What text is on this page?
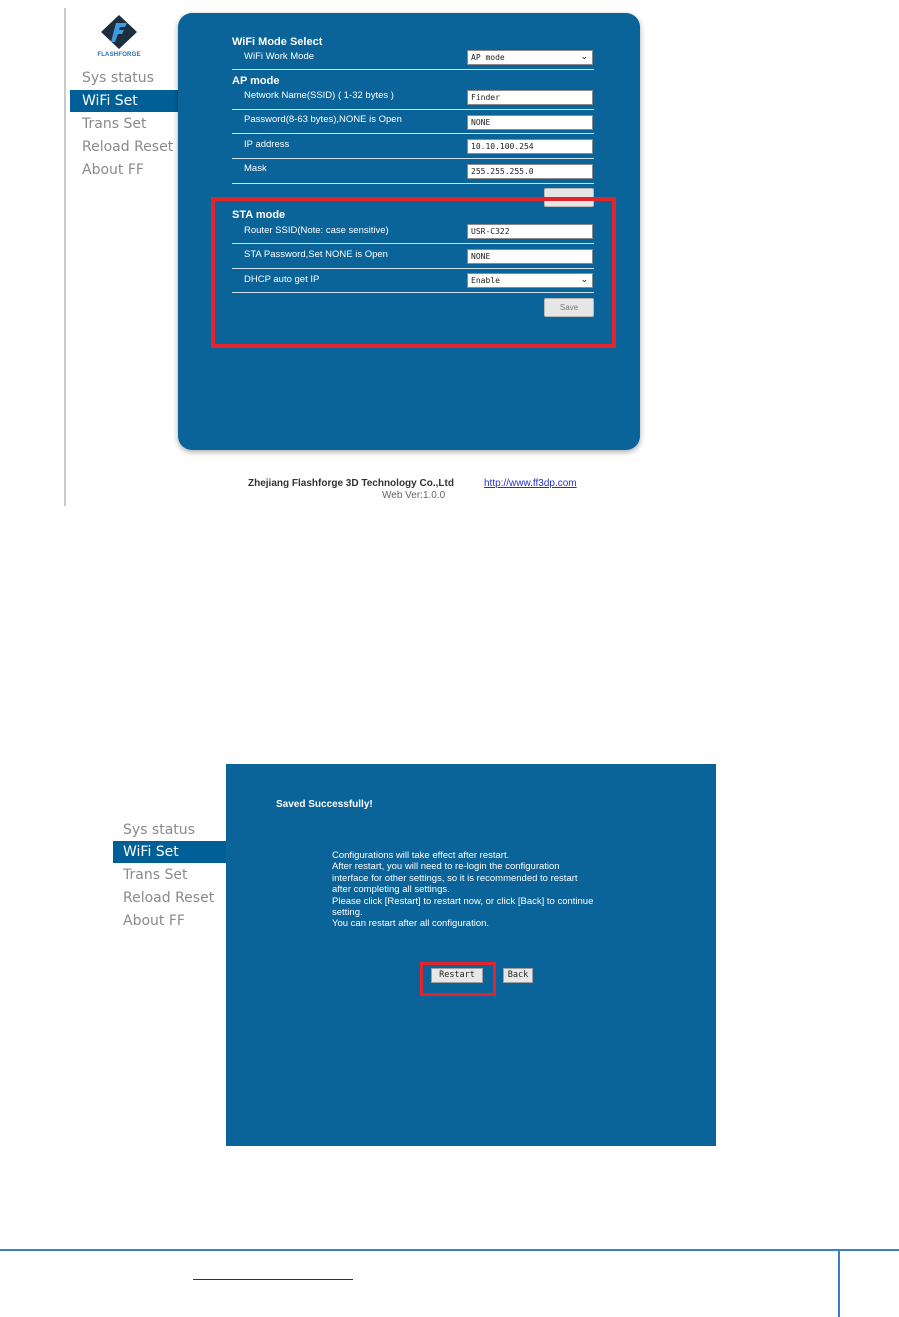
FLASHFORGE
Sys status
WiFi Set
Trans Set
Reload Reset
About FF
WiFi Mode Select
WiFi Work Mode	AP mode	⌄
AP mode
Network Name(SSID) ( 1-32 bytes )	Finder
Password(8-63 bytes),NONE is Open	NONE
IP address	10.10.100.254
Mask	255.255.255.0
STA mode
Router SSID(Note: case sensitive)	USR-C322
STA Password,Set NONE is Open	NONE
DHCP auto get IP	Enable	⌄
Save
Zhejiang Flashforge 3D Technology Co.,Ltd	http://www.ff3dp.com
Web Ver:1.0.0
Sys status
WiFi Set
Trans Set
Reload Reset
About FF
Saved Successfully!
Configurations will take effect after restart.
After restart, you will need to re-login the configuration
interface for other settings, so it is recommended to restart
after completing all settings.
Please click [Restart] to restart now, or click [Back] to continue
setting.
You can restart after all configuration.
Restart	Back
